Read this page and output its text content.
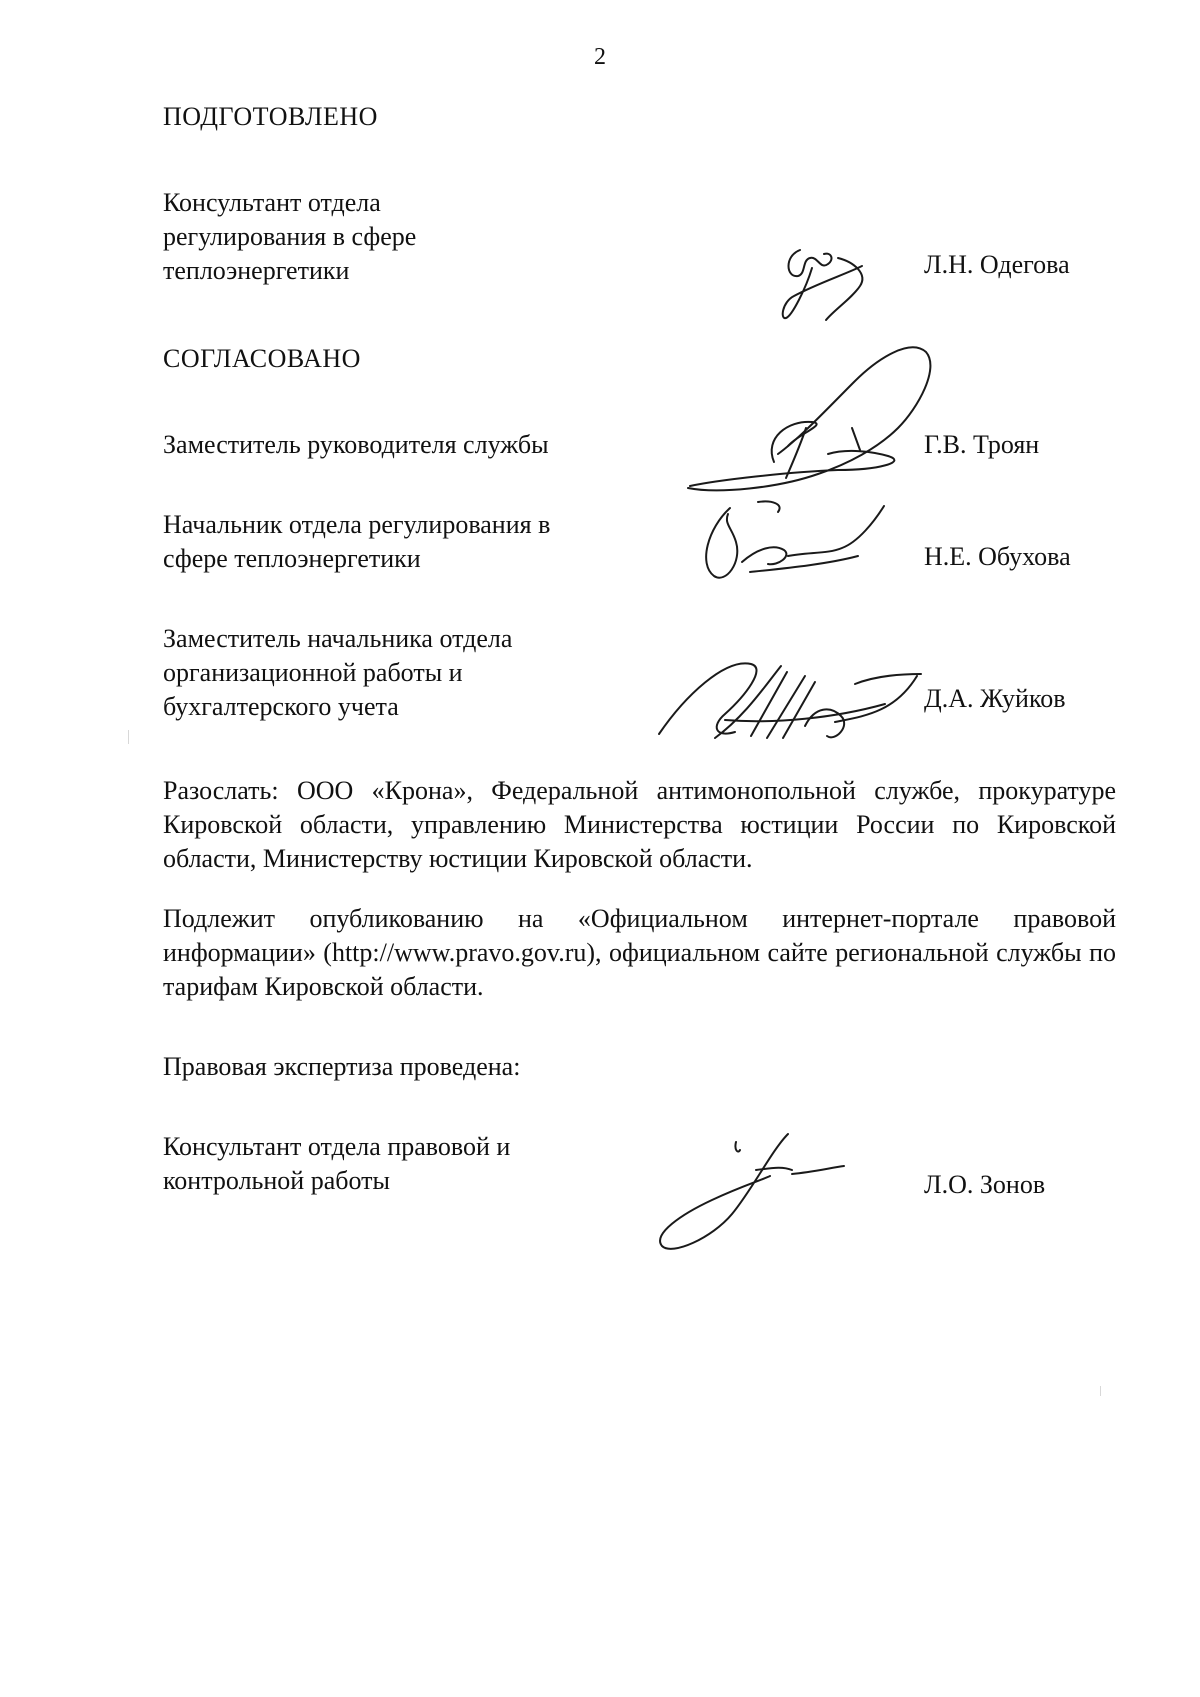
2
ПОДГОТОВЛЕНО
Консультант отдела регулирования в сфере теплоэнергетики	Л.Н. Одегова
СОГЛАСОВАНО
Заместитель руководителя службы	Г.В. Троян
Начальник отдела регулирования в сфере теплоэнергетики	Н.Е. Обухова
Заместитель начальника отдела организационной работы и бухгалтерского учета	Д.А. Жуйков
Разослать: ООО «Крона», Федеральной антимонопольной службе, прокуратуре Кировской области, управлению Министерства юстиции России по Кировской области, Министерству юстиции Кировской области.
Подлежит опубликованию на «Официальном интернет-портале правовой информации» (http://www.pravo.gov.ru), официальном сайте региональной службы по тарифам Кировской области.
Правовая экспертиза проведена:
Консультант отдела правовой и контрольной работы	Л.О. Зонов
